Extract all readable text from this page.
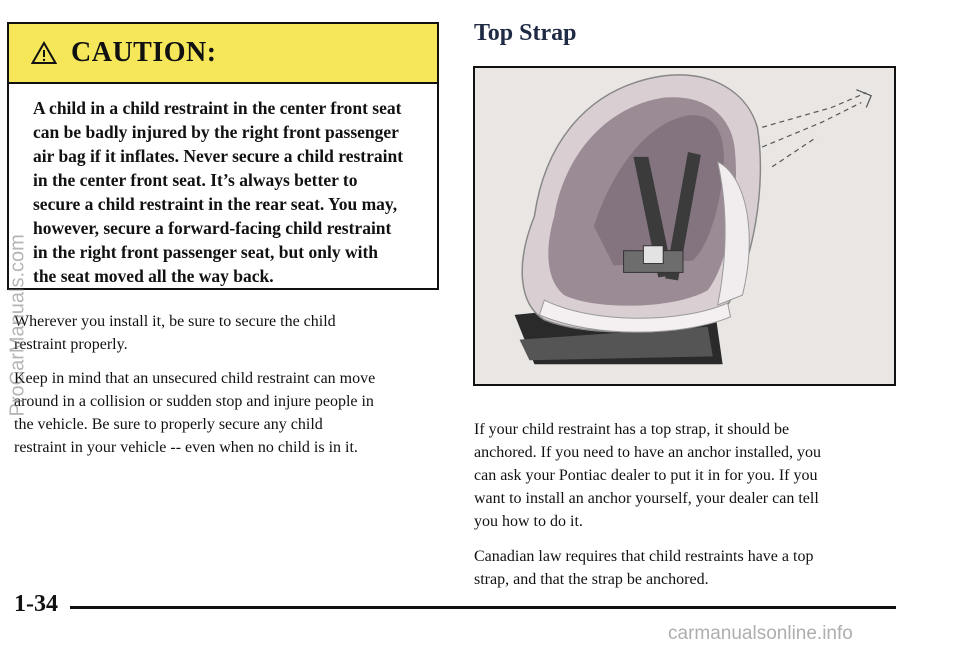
CAUTION:
A child in a child restraint in the center front seat
can be badly injured by the right front passenger
air bag if it inflates. Never secure a child restraint
in the center front seat. It’s always better to
secure a child restraint in the rear seat. You may,
however, secure a forward-facing child restraint
in the right front passenger seat, but only with
the seat moved all the way back.

Wherever you install it, be sure to secure the child
restraint properly.

Keep in mind that an unsecured child restraint can move
around in a collision or sudden stop and injure people in
the vehicle. Be sure to properly secure any child
restraint in your vehicle -- even when no child is in it.

Top Strap

If your child restraint has a top strap, it should be
anchored. If you need to have an anchor installed, you
can ask your Pontiac dealer to put it in for you. If you
want to install an anchor yourself, your dealer can tell
you how to do it.

Canadian law requires that child restraints have a top
strap, and that the strap be anchored.

1-34
ProCarManuals.com
carmanualsonline.info
